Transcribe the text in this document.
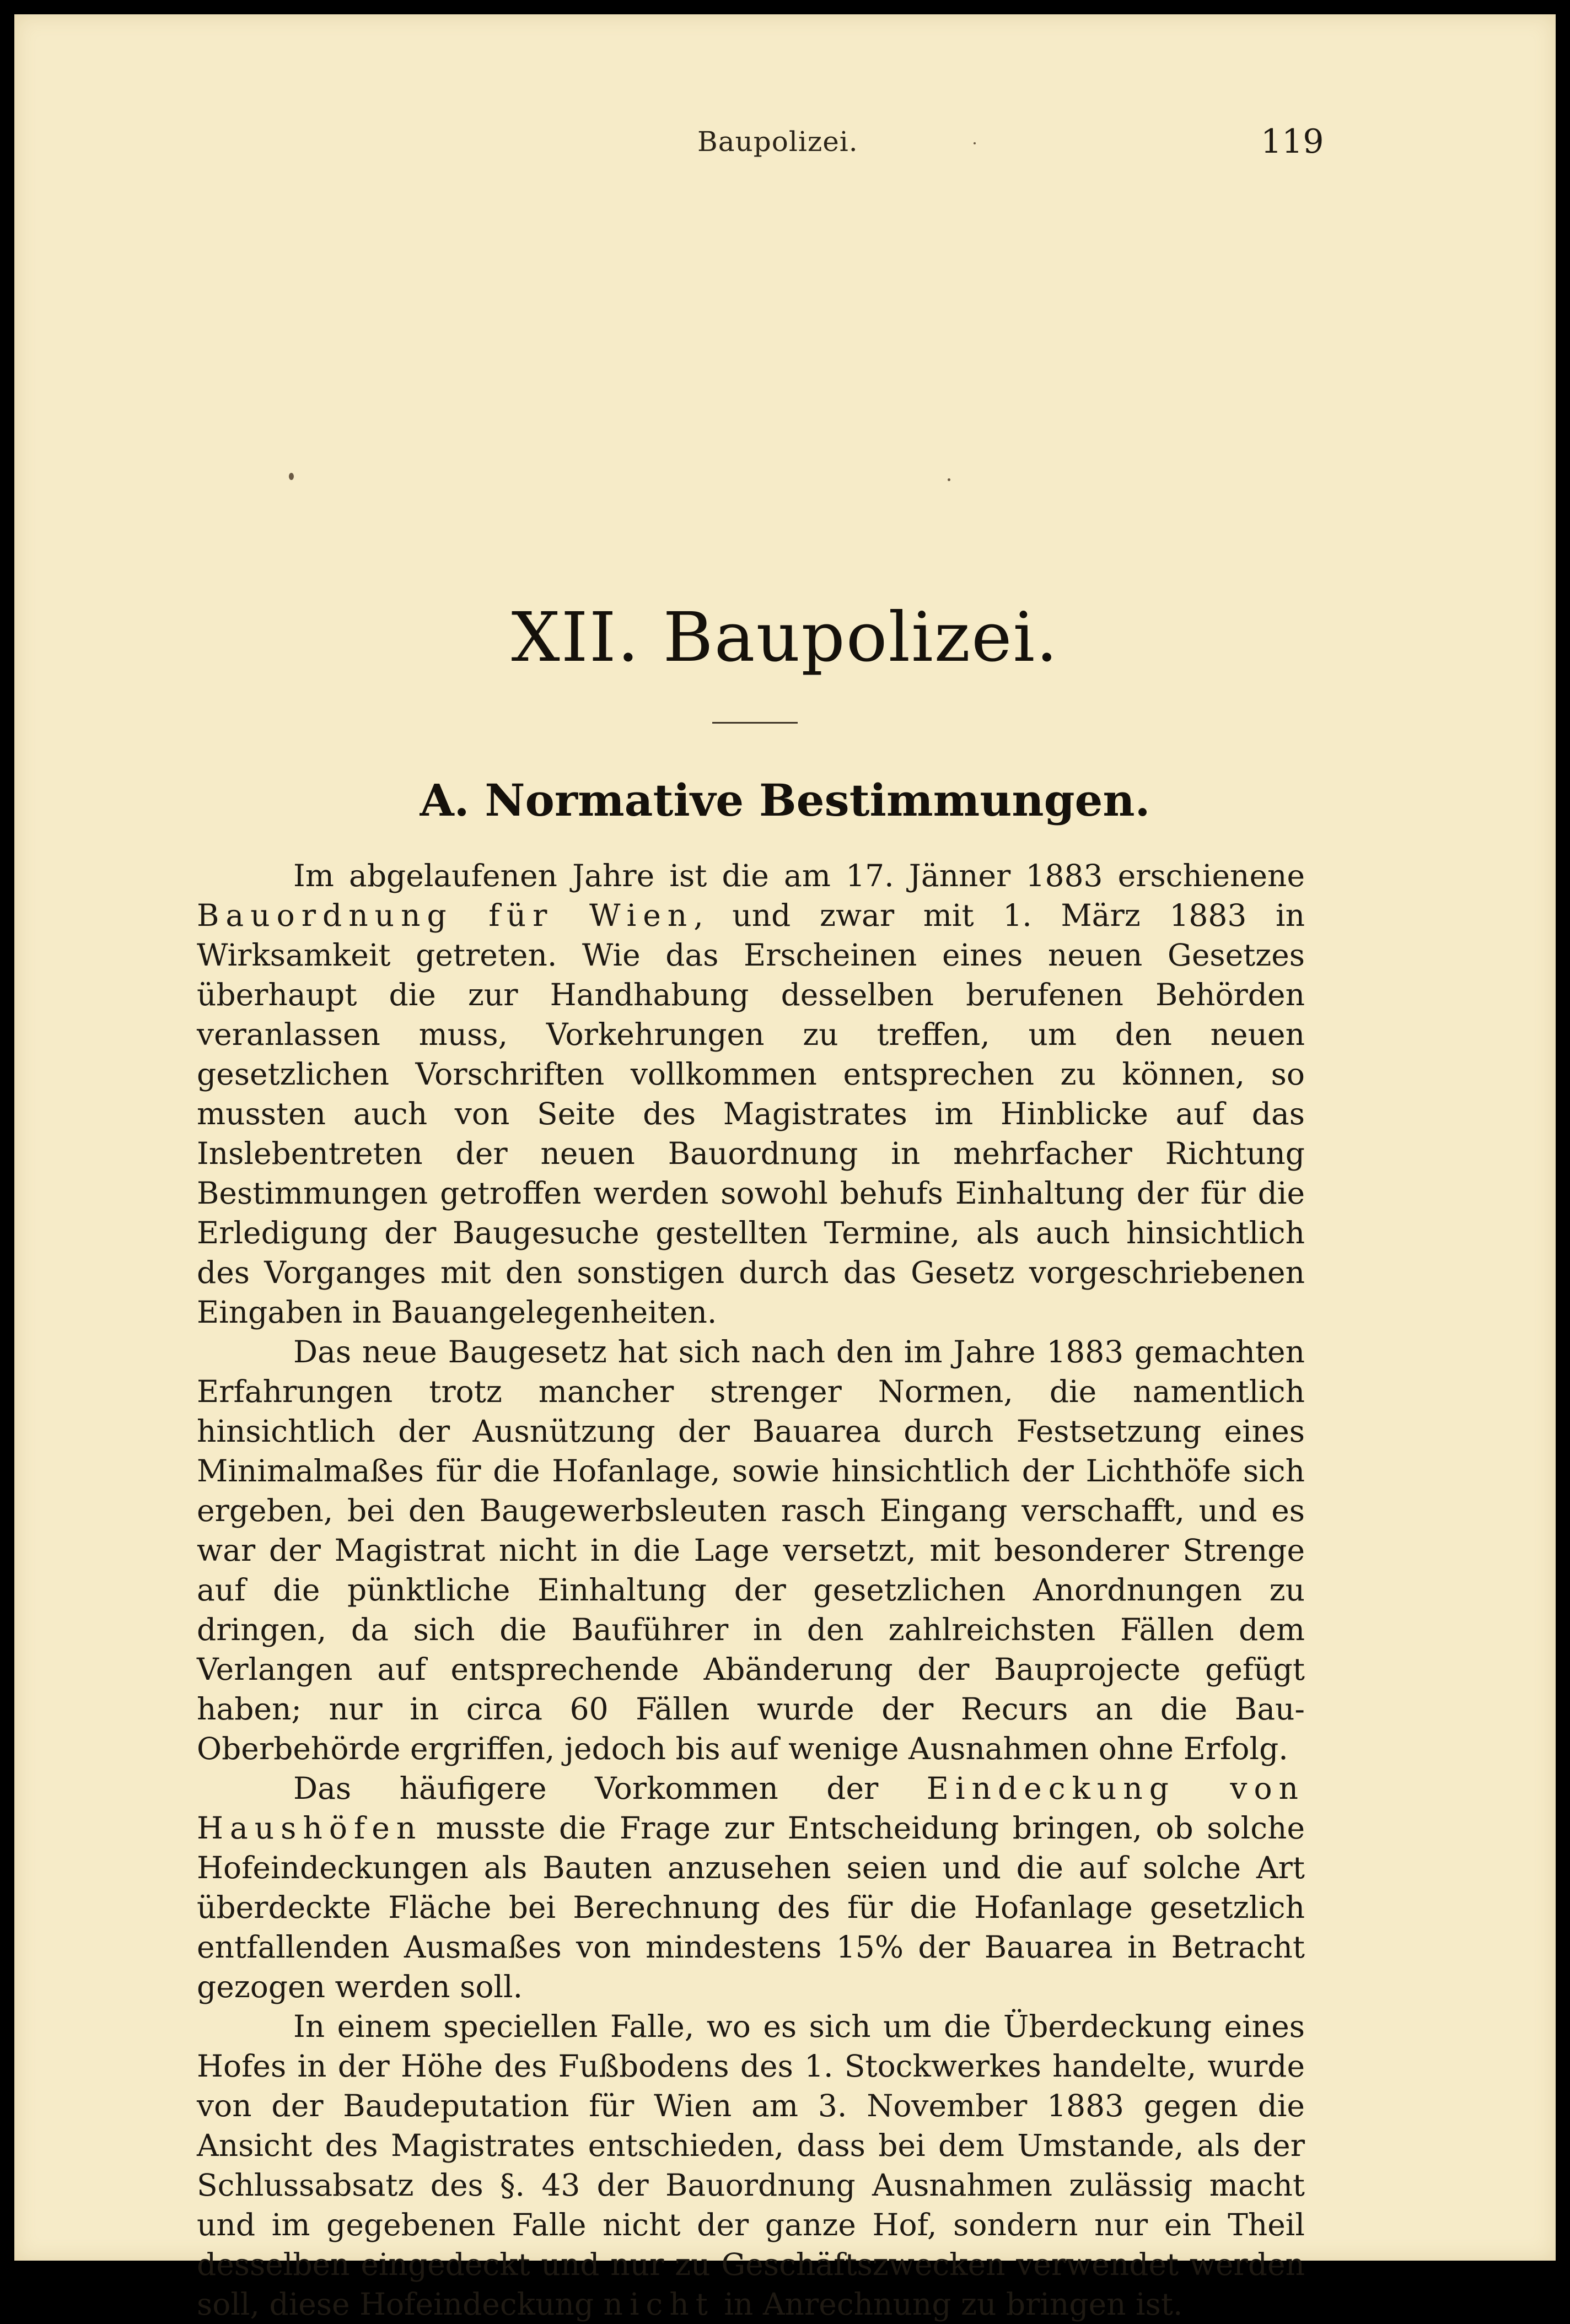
Baupolizei.	119
XII. Baupolizei.
A. Normative Bestimmungen.

Im abgelaufenen Jahre ist die am 17. Jänner 1883 erschienene Bauordnung für Wien, und zwar mit 1. März 1883 in Wirksamkeit getreten. Wie das Erscheinen eines neuen Gesetzes überhaupt die zur Handhabung desselben berufenen Behörden veranlassen muss, Vorkehrungen zu treffen, um den neuen gesetzlichen Vorschriften vollkommen entsprechen zu können, so mussten auch von Seite des Magistrates im Hinblicke auf das Inslebentreten der neuen Bauordnung in mehrfacher Richtung Bestimmungen getroffen werden sowohl behufs Einhaltung der für die Erledigung der Baugesuche gestellten Termine, als auch hinsichtlich des Vorganges mit den sonstigen durch das Gesetz vorgeschriebenen Eingaben in Bauangelegenheiten.

Das neue Baugesetz hat sich nach den im Jahre 1883 gemachten Erfahrungen trotz mancher strenger Normen, die namentlich hinsichtlich der Ausnützung der Bauarea durch Festsetzung eines Minimalmaßes für die Hofanlage, sowie hinsichtlich der Lichthöfe sich ergeben, bei den Baugewerbsleuten rasch Eingang verschafft, und es war der Magistrat nicht in die Lage versetzt, mit besonderer Strenge auf die pünktliche Einhaltung der gesetzlichen Anordnungen zu dringen, da sich die Bauführer in den zahlreichsten Fällen dem Verlangen auf entsprechende Abänderung der Bauprojecte gefügt haben; nur in circa 60 Fällen wurde der Recurs an die Bau-Oberbehörde ergriffen, jedoch bis auf wenige Ausnahmen ohne Erfolg.

Das häufigere Vorkommen der Eindeckung von Haushöfen musste die Frage zur Entscheidung bringen, ob solche Hofeindeckungen als Bauten anzusehen seien und die auf solche Art überdeckte Fläche bei Berechnung des für die Hofanlage gesetzlich entfallenden Ausmaßes von mindestens 15% der Bauarea in Betracht gezogen werden soll.

In einem speciellen Falle, wo es sich um die Überdeckung eines Hofes in der Höhe des Fußbodens des 1. Stockwerkes handelte, wurde von der Baudeputation für Wien am 3. November 1883 gegen die Ansicht des Magistrates entschieden, dass bei dem Umstande, als der Schlussabsatz des §. 43 der Bauordnung Ausnahmen zulässig macht und im gegebenen Falle nicht der ganze Hof, sondern nur ein Theil desselben eingedeckt und nur zu Geschäftszwecken verwendet werden soll, diese Hofeindeckung nicht in Anrechnung zu bringen ist.
